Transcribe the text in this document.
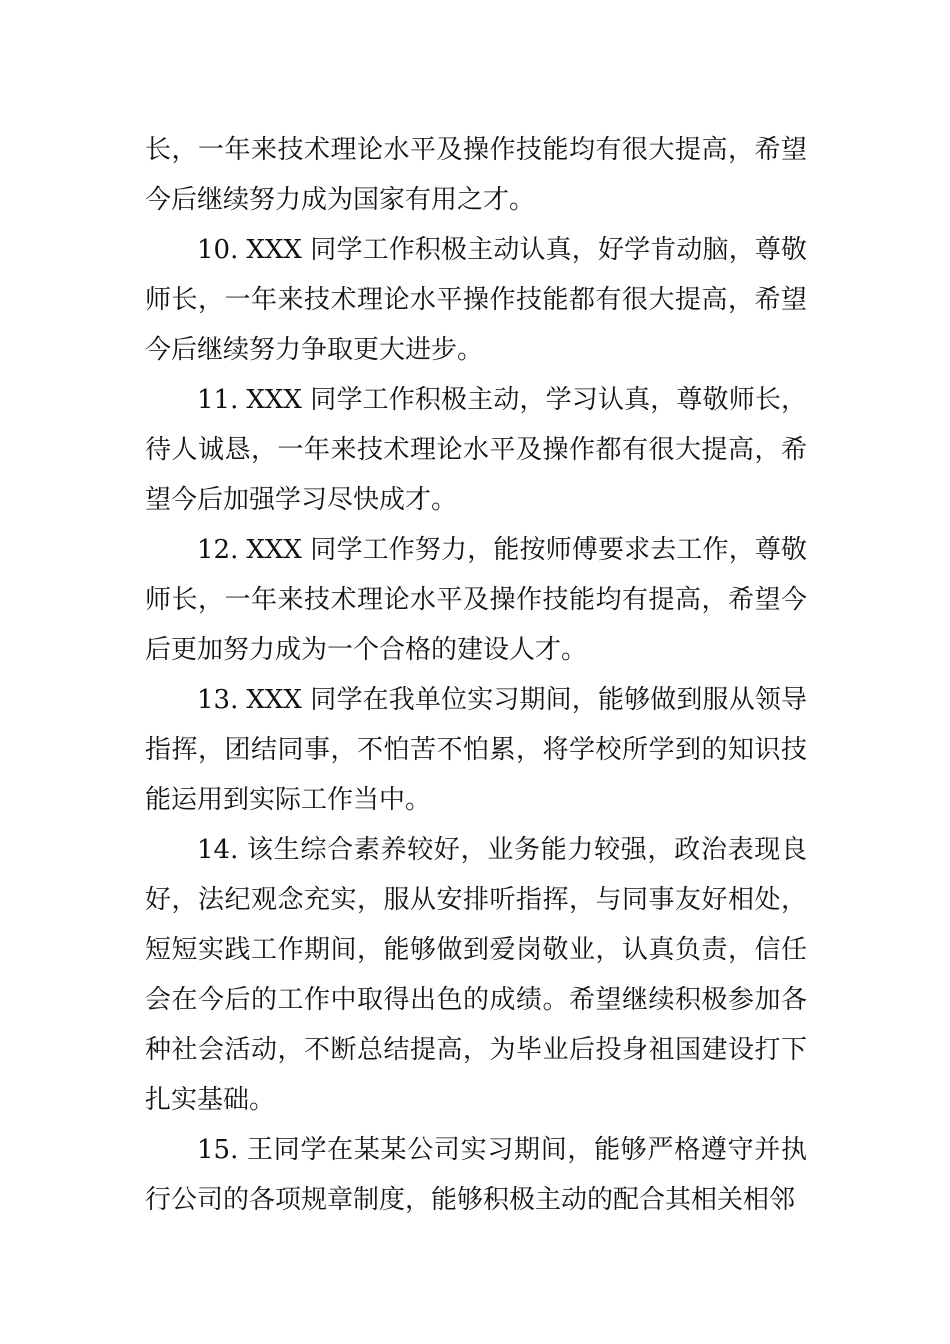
长，一年来技术理论水平及操作技能均有很大提高，希望今后继续努力成为国家有用之才。

10. XXX 同学工作积极主动认真，好学肯动脑，尊敬师长，一年来技术理论水平操作技能都有很大提高，希望今后继续努力争取更大进步。

11. XXX 同学工作积极主动，学习认真，尊敬师长，待人诚恳，一年来技术理论水平及操作都有很大提高，希望今后加强学习尽快成才。

12. XXX 同学工作努力，能按师傅要求去工作，尊敬师长，一年来技术理论水平及操作技能均有提高，希望今后更加努力成为一个合格的建设人才。

13. XXX 同学在我单位实习期间，能够做到服从领导指挥，团结同事，不怕苦不怕累，将学校所学到的知识技能运用到实际工作当中。

14. 该生综合素养较好，业务能力较强，政治表现良好，法纪观念充实，服从安排听指挥，与同事友好相处，短短实践工作期间，能够做到爱岗敬业，认真负责，信任会在今后的工作中取得出色的成绩。希望继续积极参加各种社会活动，不断总结提高，为毕业后投身祖国建设打下扎实基础。

15. 王同学在某某公司实习期间，能够严格遵守并执行公司的各项规章制度，能够积极主动的配合其相关相邻
